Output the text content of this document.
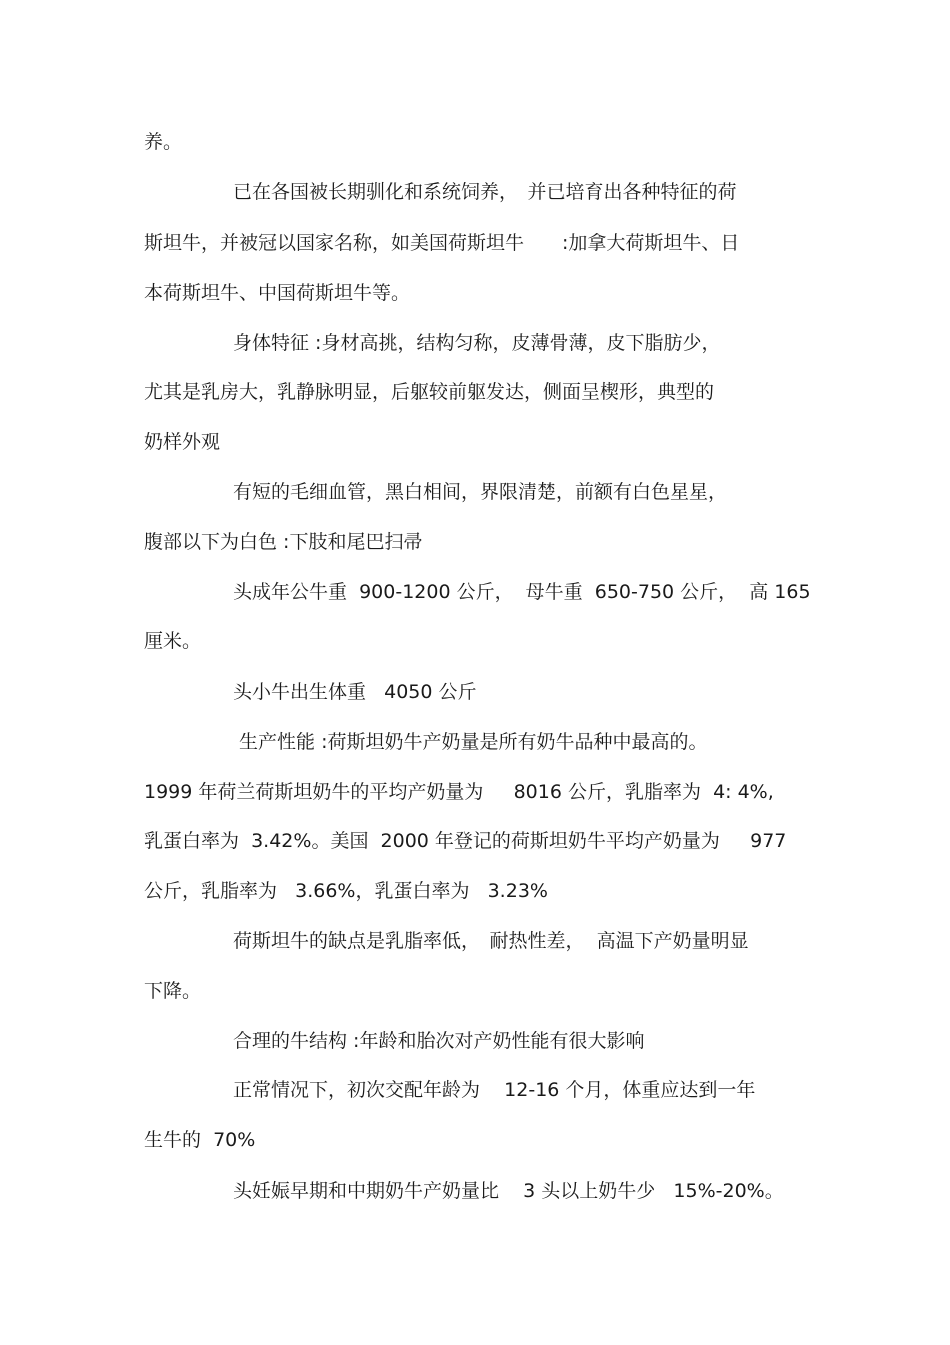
养。
已在各国被长期驯化和系统饲养，　并已培育出各种特征的荷
斯坦牛，并被冠以国家名称，如美国荷斯坦牛　　:加拿大荷斯坦牛、日
本荷斯坦牛、中国荷斯坦牛等。
身体特征 :身材高挑，结构匀称，皮薄骨薄，皮下脂肪少，
尤其是乳房大，乳静脉明显，后躯较前躯发达，侧面呈楔形，典型的
奶样外观
有短的毛细血管，黑白相间，界限清楚，前额有白色星星，
腹部以下为白色 :下肢和尾巴扫帚
头成年公牛重  900-1200 公斤，  母牛重  650-750 公斤，  高 165
厘米。
头小牛出生体重   4050 公斤
生产性能 :荷斯坦奶牛产奶量是所有奶牛品种中最高的。
1999 年荷兰荷斯坦奶牛的平均产奶量为     8016 公斤，乳脂率为  4: 4%,
乳蛋白率为  3.42%。美国  2000 年登记的荷斯坦奶牛平均产奶量为     977
公斤，乳脂率为   3.66%，乳蛋白率为   3.23%
荷斯坦牛的缺点是乳脂率低，　耐热性差，  高温下产奶量明显
下降。
合理的牛结构 :年龄和胎次对产奶性能有很大影响
正常情况下，初次交配年龄为    12-16 个月，体重应达到一年
生牛的  70%
头妊娠早期和中期奶牛产奶量比    3 头以上奶牛少   15%-20%。
